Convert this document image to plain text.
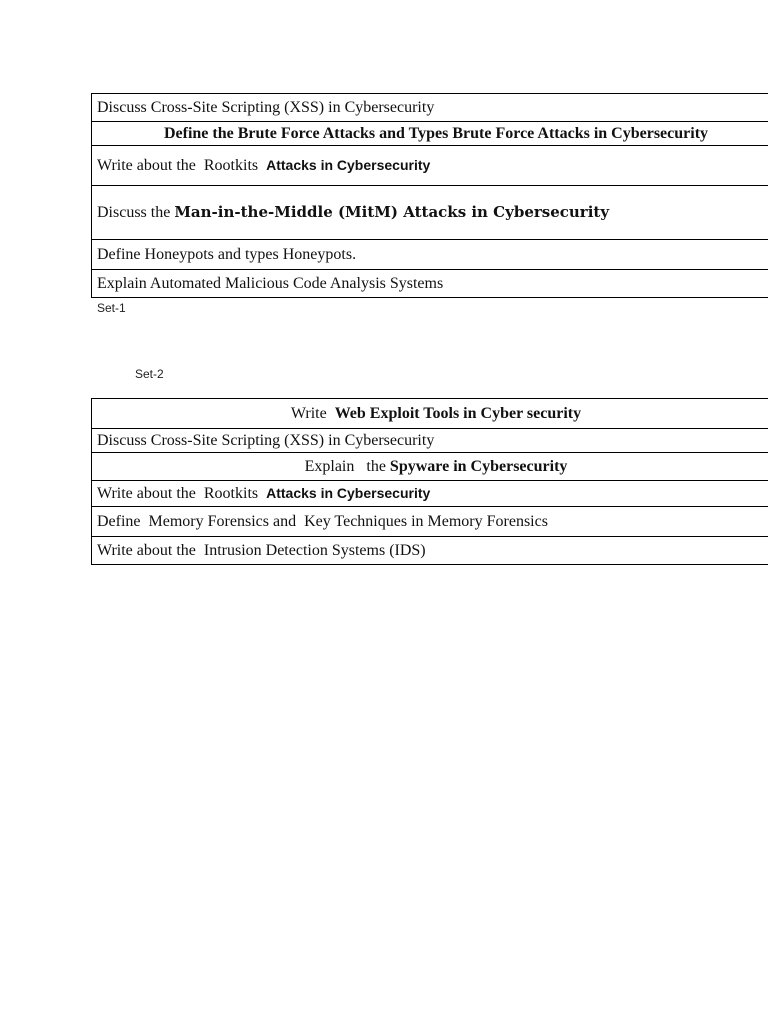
Discuss Cross-Site Scripting (XSS) in Cybersecurity
Define the Brute Force Attacks and Types Brute Force Attacks in Cybersecurity
Write about the  Rootkits  Attacks in Cybersecurity
Discuss the Man-in-the-Middle (MitM) Attacks in Cybersecurity
Define Honeypots and types Honeypots.
Explain Automated Malicious Code Analysis Systems
Set-1
Set-2
Write  Web Exploit Tools in Cyber security
Discuss Cross-Site Scripting (XSS) in Cybersecurity
Explain   the Spyware in Cybersecurity
Write about the  Rootkits  Attacks in Cybersecurity
Define  Memory Forensics and  Key Techniques in Memory Forensics
Write about the  Intrusion Detection Systems (IDS)
